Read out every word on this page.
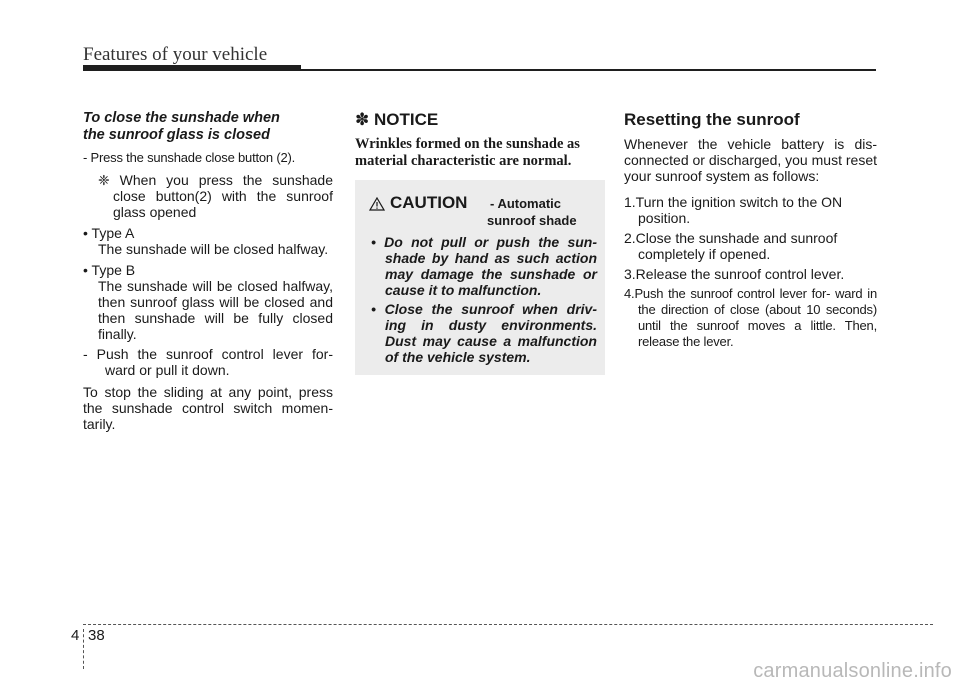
Features of your vehicle

To close the sunshade when the sunroof glass is closed

- Press the sunshade close button (2).

❈ When you press the sunshade close button(2) with the sunroof glass opened

• Type A

The sunshade will be closed halfway.

• Type B

The sunshade will be closed halfway, then sunroof glass will be closed and then sunshade will be fully closed finally.

- Push the sunroof control lever for- ward or pull it down.

To stop the sliding at any point, press the sunshade control switch momen- tarily.

✽ NOTICE

Wrinkles formed on the sunshade as material characteristic are normal.

CAUTION - Automatic
sunroof shade

• Do not pull or push the sun- shade by hand as such action may damage the sunshade or cause it to malfunction.

• Close the sunroof when driv- ing in dusty environments. Dust may cause a malfunction of the vehicle system.

Resetting the sunroof

Whenever the vehicle battery is dis- connected or discharged, you must reset your sunroof system as follows:

1.Turn the ignition switch to the ON position.

2.Close the sunshade and sunroof completely if opened.

3.Release the sunroof control lever.

4.Push the sunroof control lever for- ward in the direction of close (about 10 seconds) until the sunroof moves a little. Then, release the lever.

4 38
carmanualsonline.info
